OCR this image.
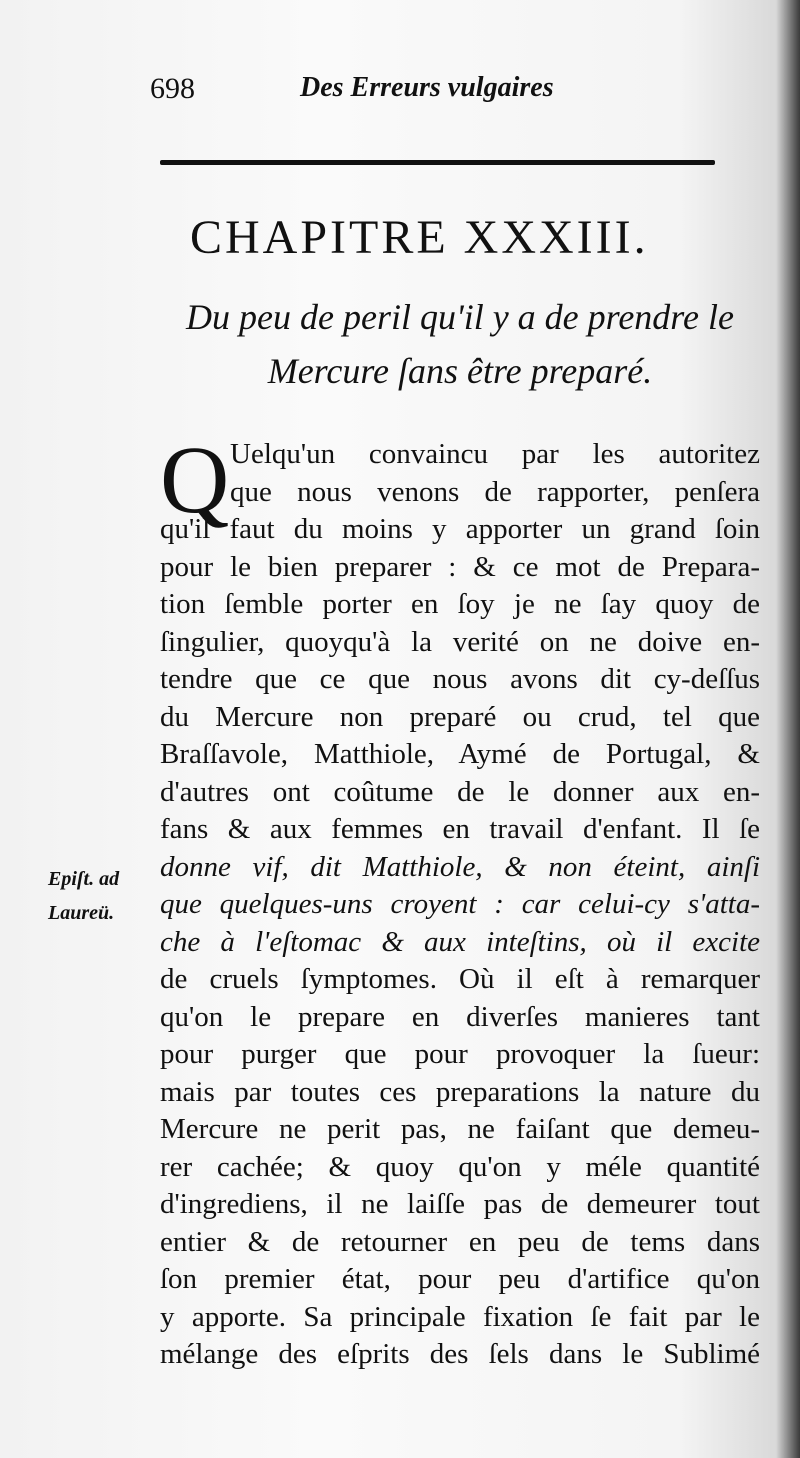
698	Des Erreurs vulgaires
CHAPITRE XXXIII.
Du peu de peril qu'il y a de prendre le
Mercure ſans être preparé.
Q
Epiſt. ad
Laureü.
Uelqu'un convaincu par les autoritez
que nous venons de rapporter, penſera
qu'il faut du moins y apporter un grand ſoin
pour le bien preparer : & ce mot de Prepara-
tion ſemble porter en ſoy je ne ſay quoy de
ſingulier, quoyqu'à la verité on ne doive en-
tendre que ce que nous avons dit cy-deſſus
du Mercure non preparé ou crud, tel que
Braſſavole, Matthiole, Aymé de Portugal, &
d'autres ont coûtume de le donner aux en-
fans & aux femmes en travail d'enfant. Il ſe
donne vif, dit Matthiole, & non éteint, ainſi
que quelques-uns croyent : car celui-cy s'atta-
che à l'eſtomac & aux inteſtins, où il excite
de cruels ſymptomes. Où il eſt à remarquer
qu'on le prepare en diverſes manieres tant
pour purger que pour provoquer la ſueur:
mais par toutes ces preparations la nature du
Mercure ne perit pas, ne faiſant que demeu-
rer cachée; & quoy qu'on y méle quantité
d'ingrediens, il ne laiſſe pas de demeurer tout
entier & de retourner en peu de tems dans
ſon premier état, pour peu d'artifice qu'on
y apporte. Sa principale fixation ſe fait par le
mélange des eſprits des ſels dans le Sublimé
